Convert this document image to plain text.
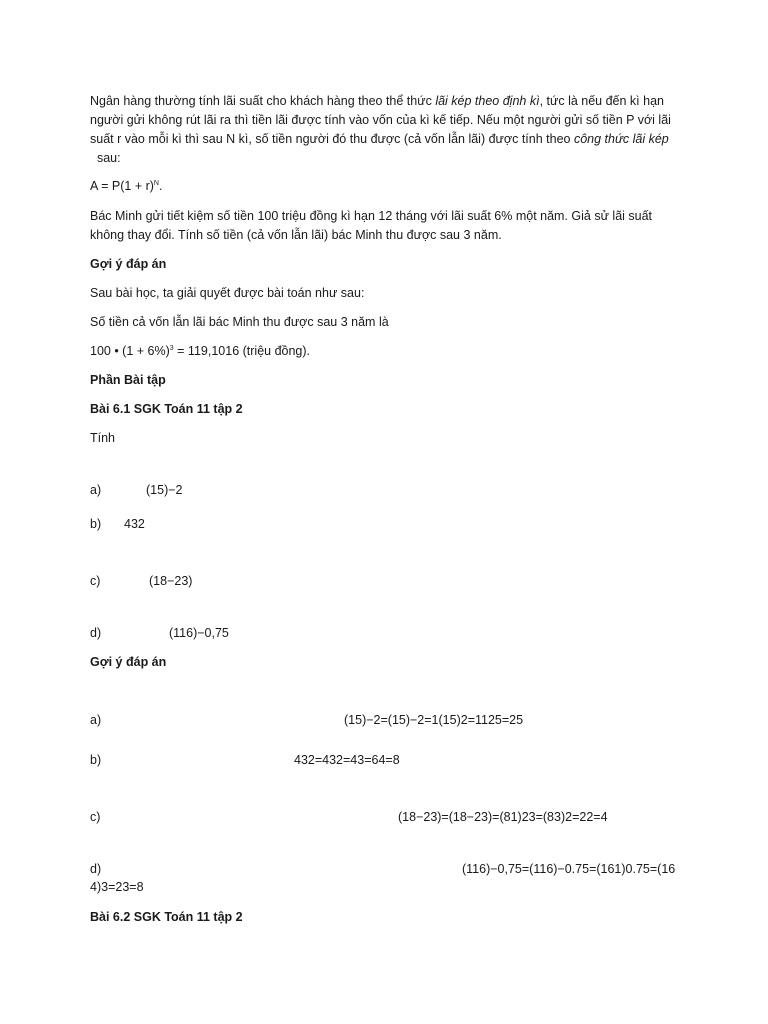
Ngân hàng thường tính lãi suất cho khách hàng theo thể thức lãi kép theo định kì, tức là nếu đến kì hạn người gửi không rút lãi ra thì tiền lãi được tính vào vốn của kì kế tiếp. Nếu một người gửi số tiền P với lãi suất r vào mỗi kì thì sau N kì, số tiền người đó thu được (cả vốn lẫn lãi) được tính theo công thức lãi kép  sau:

$A = P(1 + r)^N$.

Bác Minh gửi tiết kiệm số tiền 100 triệu đồng kì hạn 12 tháng với lãi suất 6% một năm. Giả sử lãi suất không thay đổi. Tính số tiền (cả vốn lẫn lãi) bác Minh thu được sau 3 năm.

Gợi ý đáp án

Sau bài học, ta giải quyết được bài toán như sau:

Số tiền cả vốn lẫn lãi bác Minh thu được sau 3 năm là

100 • $(1 + 6\%)^3 = 119,1016$ (triệu đồng).

Phần Bài tập

Bài 6.1 SGK Toán 11 tập 2

Tính

a)	(15)−2

b) 432

c)	(18−23)

d)	(116)−0,75

Gợi ý đáp án

a)	(15)−2=(15)−2=1(15)2=1125=25

b)	432=432=43=64=8

c)	(18−23)=(18−23)=(81)23=(83)2=22=4

d)	(116)−0,75=(116)−0.75=(161)0.75=(16

4)3=23=8

Bài 6.2 SGK Toán 11 tập 2
